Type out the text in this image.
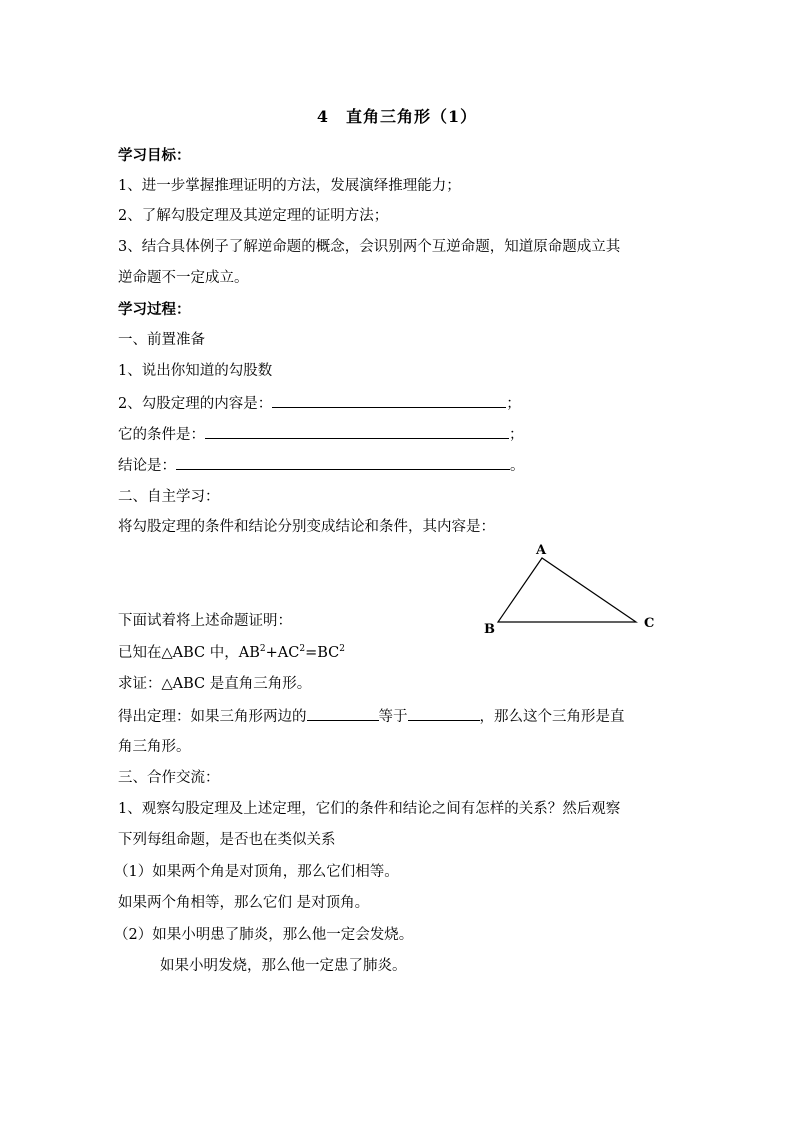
4　直角三角形（1）
学习目标：
1、进一步掌握推理证明的方法，发展演绎推理能力；
2、了解勾股定理及其逆定理的证明方法；
3、结合具体例子了解逆命题的概念，会识别两个互逆命题，知道原命题成立其
逆命题不一定成立。
学习过程：
一、前置准备
1、说出你知道的勾股数
2、勾股定理的内容是：	；
它的条件是：	；
结论是：	。
二、自主学习：
将勾股定理的条件和结论分别变成结论和条件，其内容是：
A
B	C
下面试着将上述命题证明：
已知在△ABC 中，$AB^2+AC^2=BC^2$
求证：△ABC 是直角三角形。
得出定理：如果三角形两边的	等于	，那么这个三角形是直
角三角形。
三、合作交流：
1、观察勾股定理及上述定理，它们的条件和结论之间有怎样的关系？然后观察
下列每组命题，是否也在类似关系
（1）如果两个角是对顶角，那么它们相等。
如果两个角相等，那么它们 是对顶角。
（2）如果小明患了肺炎，那么他一定会发烧。
如果小明发烧，那么他一定患了肺炎。
